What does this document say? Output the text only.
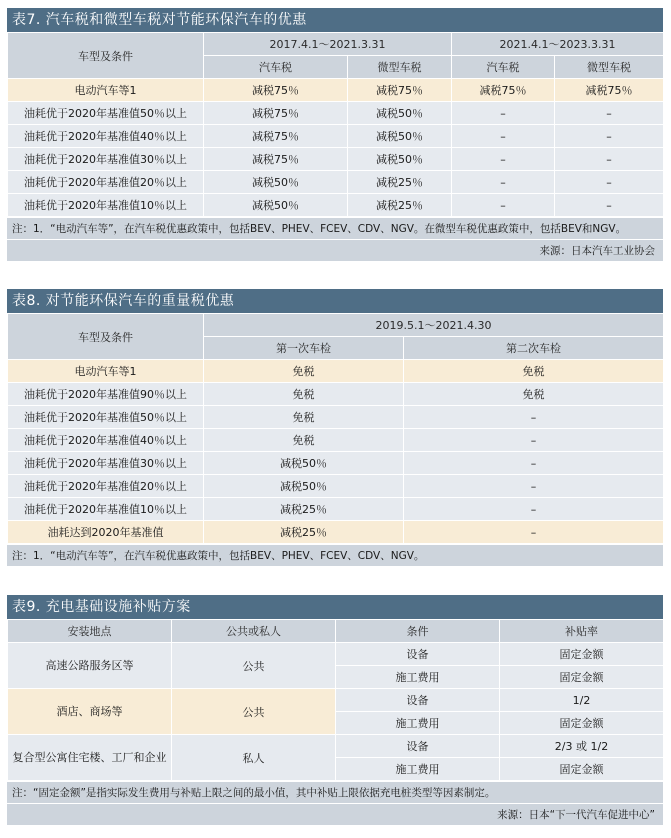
表7. 汽车税和微型车税对节能环保汽车的优惠
车型及条件	2017.4.1～2021.3.31		2021.4.1～2023.3.31	
	汽车税	微型车税	汽车税	微型车税
电动汽车等1	减税75％	减税75％	减税75％	减税75％
油耗优于2020年基准值50％以上	减税75％	减税50％	–	–
油耗优于2020年基准值40％以上	减税75％	减税50％	–	–
油耗优于2020年基准值30％以上	减税75％	减税50％	–	–
油耗优于2020年基准值20％以上	减税50％	减税25％	–	–
油耗优于2020年基准值10％以上	减税50％	减税25％	–	–
注：1．“电动汽车等”，在汽车税优惠政策中，包括BEV、PHEV、FCEV、CDV、NGV。在微型车税优惠政策中，包括BEV和NGV。
来源：日本汽车工业协会
表8. 对节能环保汽车的重量税优惠
车型及条件	2019.5.1～2021.4.30	
	第一次车检	第二次车检
电动汽车等1	免税	免税
油耗优于2020年基准值90％以上	免税	免税
油耗优于2020年基准值50％以上	免税	–
油耗优于2020年基准值40％以上	免税	–
油耗优于2020年基准值30％以上	减税50％	–
油耗优于2020年基准值20％以上	减税50％	–
油耗优于2020年基准值10％以上	减税25％	–
油耗达到2020年基准值	减税25％	–
注：1．“电动汽车等”，在汽车税优惠政策中，包括BEV、PHEV、FCEV、CDV、NGV。
表9. 充电基础设施补贴方案
安装地点	公共或私人	条件	补贴率
高速公路服务区等	公共	设备	固定金额
		施工费用	固定金额
酒店、商场等	公共	设备	1/2
		施工费用	固定金额
复合型公寓住宅楼、工厂和企业	私人	设备	2/3 或 1/2
		施工费用	固定金额
注：“固定金额”是指实际发生费用与补贴上限之间的最小值，其中补贴上限依据充电桩类型等因素制定。
来源：日本“下一代汽车促进中心”
